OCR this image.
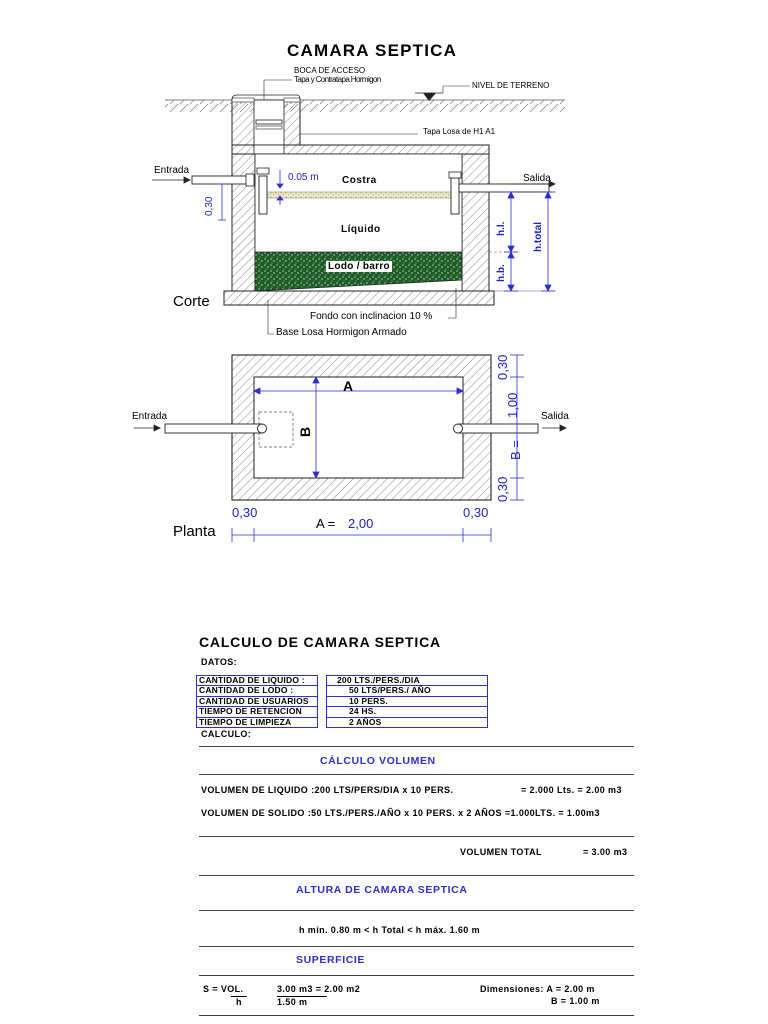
CAMARA SEPTICA
BOCA DE ACCESO
Tapa y Contratapa Hormigon
NIVEL DE TERRENO
Tapa Losa de H1 A1
Entrada
Salida
0.05 m Costra
Líquido
Lodo / barro
0,30
h.l.
h.b.
h.total
Corte
Fondo con inclinacion 10 %
Base Losa Hormigon Armado
A
B
Entrada	Salida
0,30
1,00
B =
0,30
0,30	0,30
A = 2,00
Planta
CALCULO DE CAMARA SEPTICA
DATOS:
CANTIDAD DE LIQUIDO :		200 LTS./PERS./DIA
CANTIDAD DE LODO :		50 LTS/PERS./ AÑO
CANTIDAD DE USUARIOS		10 PERS.
TIEMPO DE RETENCION		24 HS.
TIEMPO DE LIMPIEZA		2 AÑOS
CALCULO:
CÁLCULO VOLUMEN
VOLUMEN DE LIQUIDO :200 LTS/PERS/DIA x 10 PERS.	= 2.000 Lts. = 2.00 m3
VOLUMEN DE SOLIDO :50 LTS./PERS./AÑO x 10 PERS. x 2 AÑOS =1.000LTS. = 1.00m3
VOLUMEN TOTAL	= 3.00 m3
ALTURA DE CAMARA SEPTICA
h mín. 0.80 m < h Total < h máx. 1.60 m
SUPERFICIE
S = VOL.
h
3.00 m3 = 2.00 m2
1.50 m
Dimensiones: A = 2.00 m
B = 1.00 m
